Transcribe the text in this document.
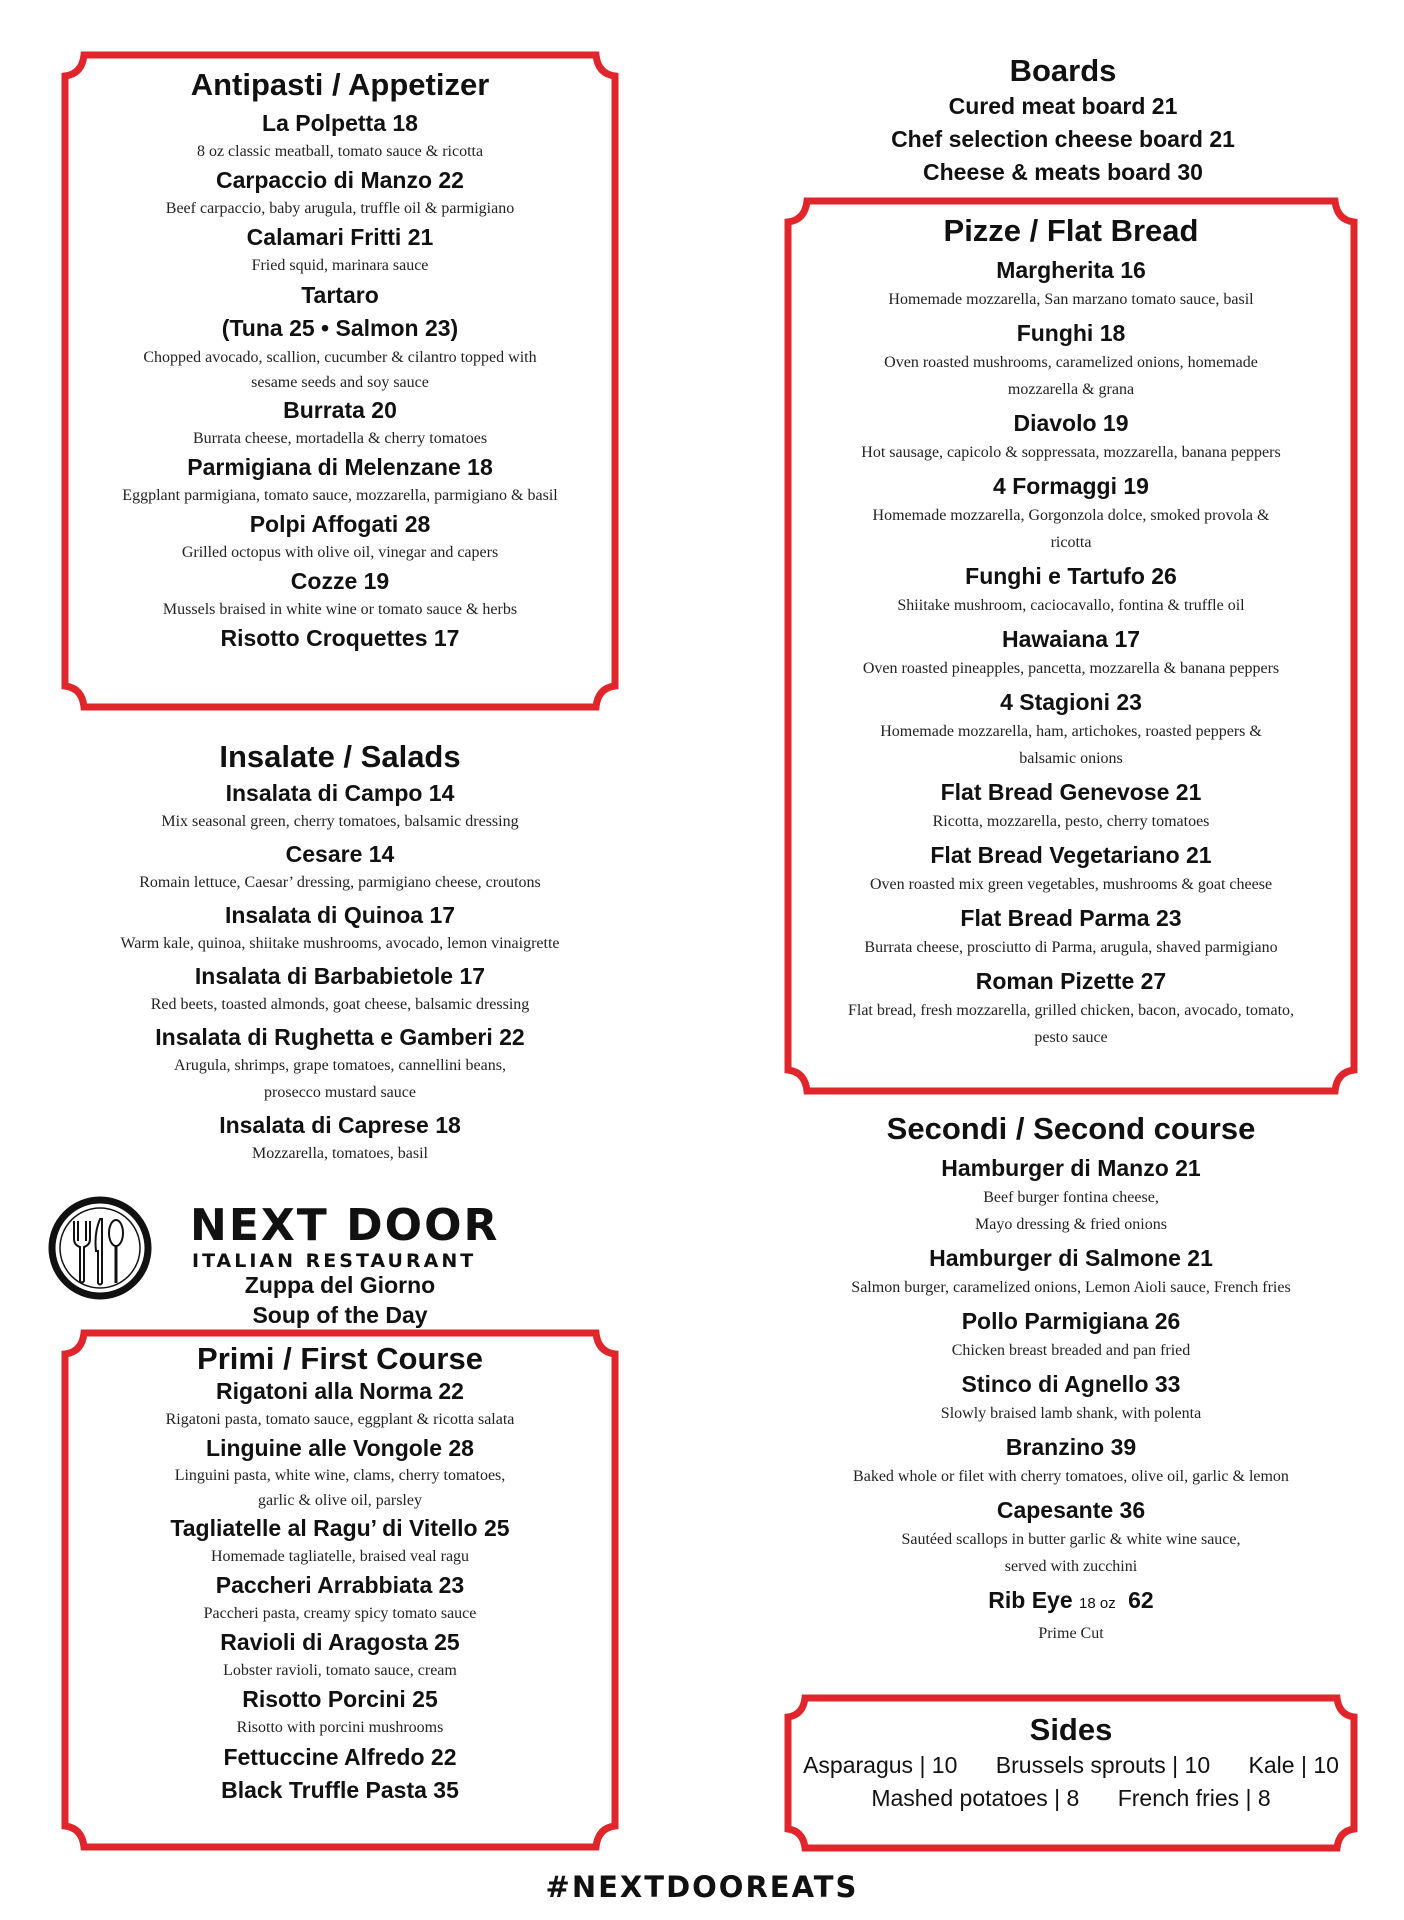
Antipasti / Appetizer

La Polpetta 18

8 oz classic meatball, tomato sauce & ricotta

Carpaccio di Manzo 22

Beef carpaccio, baby arugula, truffle oil & parmigiano

Calamari Fritti 21

Fried squid, marinara sauce

Tartaro

(Tuna 25 • Salmon 23)

Chopped avocado, scallion, cucumber & cilantro topped with sesame seeds and soy sauce

Burrata 20

Burrata cheese, mortadella & cherry tomatoes

Parmigiana di Melenzane 18

Eggplant parmigiana, tomato sauce, mozzarella, parmigiano & basil

Polpi Affogati 28

Grilled octopus with olive oil, vinegar and capers

Cozze 19

Mussels braised in white wine or tomato sauce & herbs

Risotto Croquettes 17

Insalate / Salads

Insalata di Campo 14

Mix seasonal green, cherry tomatoes, balsamic dressing

Cesare 14

Romain lettuce, Caesar’ dressing, parmigiano cheese, croutons

Insalata di Quinoa 17

Warm kale, quinoa, shiitake mushrooms, avocado, lemon vinaigrette

Insalata di Barbabietole 17

Red beets, toasted almonds, goat cheese, balsamic dressing

Insalata di Rughetta e Gamberi 22

Arugula, shrimps, grape tomatoes, cannellini beans,

prosecco mustard sauce

Insalata di Caprese 18

Mozzarella, tomatoes, basil

NEXT DOOR
ITALIAN RESTAURANT

Zuppa del Giorno

Soup of the Day

Primi / First Course

Rigatoni alla Norma 22

Rigatoni pasta, tomato sauce, eggplant & ricotta salata

Linguine alle Vongole 28

Linguini pasta, white wine, clams, cherry tomatoes,

garlic & olive oil, parsley

Tagliatelle al Ragu’ di Vitello 25

Homemade tagliatelle, braised veal ragu

Paccheri Arrabbiata 23

Paccheri pasta, creamy spicy tomato sauce

Ravioli di Aragosta 25

Lobster ravioli, tomato sauce, cream

Risotto Porcini 25

Risotto with porcini mushrooms

Fettuccine Alfredo 22

Black Truffle Pasta 35

Boards

Cured meat board 21

Chef selection cheese board 21

Cheese & meats board 30

Pizze / Flat Bread

Margherita 16

Homemade mozzarella, San marzano tomato sauce, basil

Funghi 18

Oven roasted mushrooms, caramelized onions, homemade

mozzarella & grana

Diavolo 19

Hot sausage, capicolo & soppressata, mozzarella, banana peppers

4 Formaggi 19

Homemade mozzarella, Gorgonzola dolce, smoked provola &

ricotta

Funghi e Tartufo 26

Shiitake mushroom, caciocavallo, fontina & truffle oil

Hawaiana 17

Oven roasted pineapples, pancetta, mozzarella & banana peppers

4 Stagioni 23

Homemade mozzarella, ham, artichokes, roasted peppers &

balsamic onions

Flat Bread Genevose 21

Ricotta, mozzarella, pesto, cherry tomatoes

Flat Bread Vegetariano 21

Oven roasted mix green vegetables, mushrooms & goat cheese

Flat Bread Parma 23

Burrata cheese, prosciutto di Parma, arugula, shaved parmigiano

Roman Pizette 27

Flat bread, fresh mozzarella, grilled chicken, bacon, avocado, tomato,

pesto sauce

Secondi / Second course

Hamburger di Manzo 21

Beef burger fontina cheese,

Mayo dressing & fried onions

Hamburger di Salmone 21

Salmon burger, caramelized onions, Lemon Aioli sauce, French fries

Pollo Parmigiana 26

Chicken breast breaded and pan fried

Stinco di Agnello 33

Slowly braised lamb shank, with polenta

Branzino 39

Baked whole or filet with cherry tomatoes, olive oil, garlic & lemon

Capesante 36

Sautéed scallops in butter garlic & white wine sauce,

served with zucchini

Rib Eye 18 oz 62

Prime Cut

Sides

Asparagus | 10 Brussels sprouts | 10 Kale | 10

Mashed potatoes | 8 French fries | 8

#NEXTDOOREATS
